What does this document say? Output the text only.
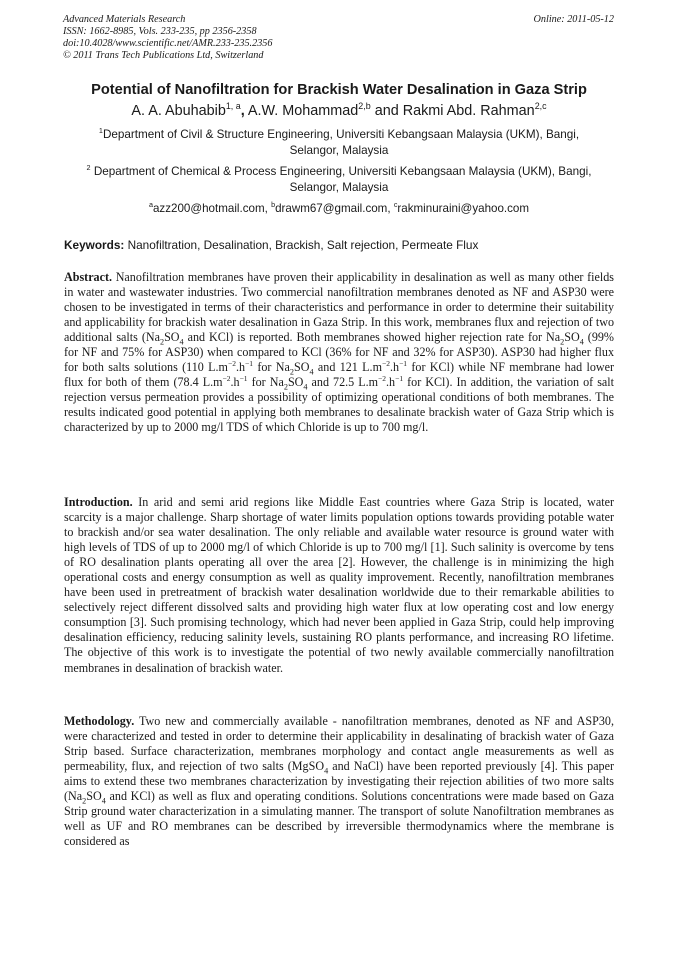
Advanced Materials Research
ISSN: 1662-8985, Vols. 233-235, pp 2356-2358
doi:10.4028/www.scientific.net/AMR.233-235.2356
© 2011 Trans Tech Publications Ltd, Switzerland
Online: 2011-05-12
Potential of Nanofiltration for Brackish Water Desalination in Gaza Strip
A. A. Abuhabib$^{1, a}$, A.W. Mohammad$^{2,b}$ and Rakmi Abd. Rahman$^{2,c}$
$^1$Department of Civil & Structure Engineering, Universiti Kebangsaan Malaysia (UKM), Bangi, Selangor, Malaysia
$^2$ Department of Chemical & Process Engineering, Universiti Kebangsaan Malaysia (UKM), Bangi, Selangor, Malaysia
$^a$azz200@hotmail.com, $^b$drawm67@gmail.com, $^c$rakminuraini@yahoo.com
Keywords: Nanofiltration, Desalination, Brackish, Salt rejection, Permeate Flux
Abstract. Nanofiltration membranes have proven their applicability in desalination as well as many other fields in water and wastewater industries. Two commercial nanofiltration membranes denoted as NF and ASP30 were chosen to be investigated in terms of their characteristics and performance in order to determine their suitability and applicability for brackish water desalination in Gaza Strip. In this work, membranes flux and rejection of two additional salts ($Na_2SO_4$ and KCl) is reported. Both membranes showed higher rejection rate for $Na_2SO_4$ (99% for NF and 75% for ASP30) when compared to KCl (36% for NF and 32% for ASP30). ASP30 had higher flux for both salts solutions (110 $L.m^{-2}.h^{-1}$ for $Na_2SO_4$ and 121 $L.m^{-2}.h^{-1}$ for KCl) while NF membrane had lower flux for both of them (78.4 $L.m^{-2}.h^{-1}$ for $Na_2SO_4$ and 72.5 $L.m^{-2}.h^{-1}$ for KCl). In addition, the variation of salt rejection versus permeation provides a possibility of optimizing operational conditions of both membranes. The results indicated good potential in applying both membranes to desalinate brackish water of Gaza Strip which is characterized by up to 2000 mg/l TDS of which Chloride is up to 700 mg/l.
Introduction. In arid and semi arid regions like Middle East countries where Gaza Strip is located, water scarcity is a major challenge. Sharp shortage of water limits population options towards providing potable water to brackish and/or sea water desalination. The only reliable and available water resource is ground water with high levels of TDS of up to 2000 mg/l of which Chloride is up to 700 mg/l [1]. Such salinity is overcome by tens of RO desalination plants operating all over the area [2]. However, the challenge is in minimizing the high operational costs and energy consumption as well as quality improvement. Recently, nanofiltration membranes have been used in pretreatment of brackish water desalination worldwide due to their remarkable abilities to selectively reject different dissolved salts and providing high water flux at low operating cost and low energy consumption [3]. Such promising technology, which had never been applied in Gaza Strip, could help improving desalination efficiency, reducing salinity levels, sustaining RO plants performance, and increasing RO lifetime. The objective of this work is to investigate the potential of two newly available commercially nanofiltration membranes in desalination of brackish water.
Methodology. Two new and commercially available - nanofiltration membranes, denoted as NF and ASP30, were characterized and tested in order to determine their applicability in desalinating of brackish water of Gaza Strip based. Surface characterization, membranes morphology and contact angle measurements as well as permeability, flux, and rejection of two salts (MgSO$_4$ and NaCl) have been reported previously [4]. This paper aims to extend these two membranes characterization by investigating their rejection abilities of two more salts ($Na_2SO_4$ and KCl) as well as flux and operating conditions. Solutions concentrations were made based on Gaza Strip ground water characterization in a simulating manner. The transport of solute Nanofiltration membranes as well as UF and RO membranes can be described by irreversible thermodynamics where the membrane is considered as
